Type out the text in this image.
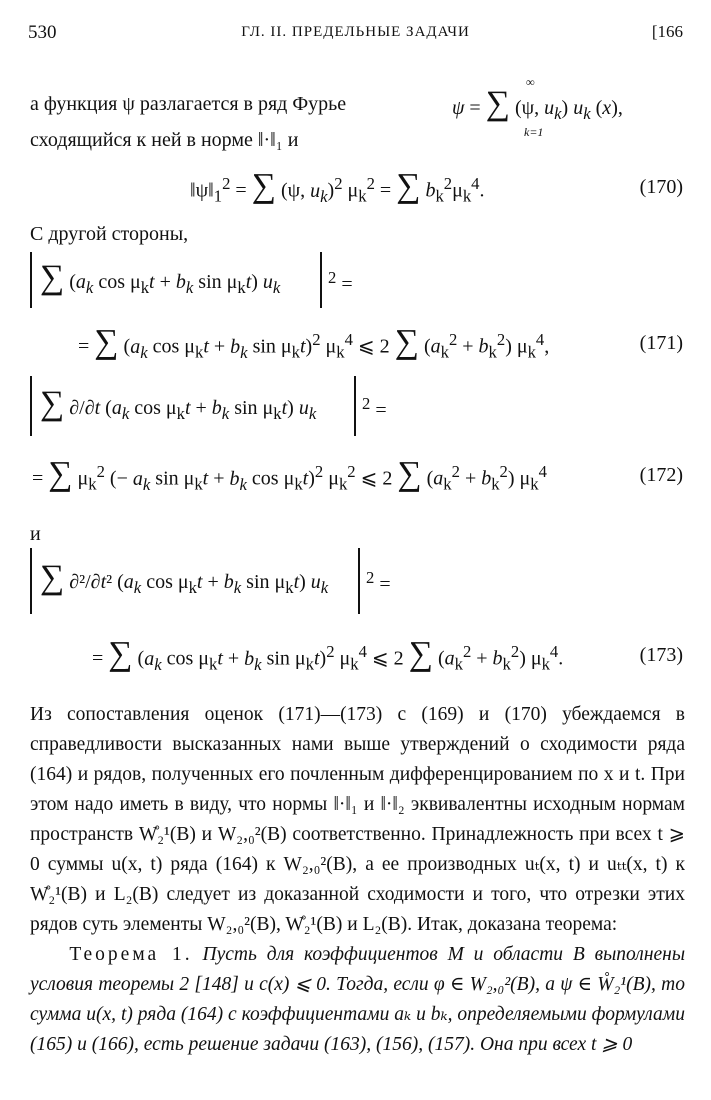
530	ГЛ. II. ПРЕДЕЛЬНЫЕ ЗАДАЧИ	[166
а функция ψ разлагается в ряд Фурье	ψ = ∑ (ψ, $u_k$) $u_k$ (x),
∞
k=1
сходящийся к ней в норме ‖·‖₁ и
$‖\psi‖_1^2$ = ∑ (ψ, $u_k)^2$ $\mu_k^2$ = ∑ $b_k^2\mu_k^4$.	(170)
С другой стороны,
∑ ($a_k$ $\cos \mu_kt + b_k$ $\sin \mu_kt$) $u_k$
$^2$ =
= ∑ ($a_k$ $\cos \mu_kt + b_k$ $\sin \mu_kt)^2$ $\mu_k^4$ ⩽ 2 ∑ $(a_k^2 + b_k^2)$ $\mu_k^4$,	(171)
∑ ∂/∂t ($a_k$ $\cos \mu_kt + b_k$ $\sin \mu_kt$) $u_k$
$^2$ =
= ∑ $\mu_k^2$ (− $a_k$ $\sin \mu_kt + b_k$ $\cos \mu_kt)^2$ $\mu_k^2$ ⩽ 2 ∑ $(a_k^2 + b_k^2)$ $\mu_k^4$	(172)
и
∑ ∂²/∂t² ($a_k$ $\cos \mu_kt + b_k$ $\sin \mu_kt$) $u_k$
$^2$ =
= ∑ ($a_k$ $\cos \mu_kt + b_k$ $\sin \mu_kt)^2$ $\mu_k^4$ ⩽ 2 ∑ $(a_k^2 + b_k^2)$ $\mu_k^4$.	(173)

Из сопоставления оценок (171)—(173) с (169) и (170) убеждаемся в справедливости высказанных нами выше утверждений о сходимости ряда (164) и рядов, полученных его почленным дифференцированием по x и t. При этом надо иметь в виду, что нормы ‖·‖₁ и ‖·‖₂ эквивалентны исходным нормам пространств W̊₂¹(B) и W₂,₀²(B) соответственно. Принадлежность при всех t ⩾ 0 суммы u(x, t) ряда (164) к W₂,₀²(B), а ее производных uₜ(x, t) и uₜₜ(x, t) к W̊₂¹(B) и L₂(B) следует из доказанной сходимости и того, что отрезки этих рядов суть элементы W₂,₀²(B), W̊₂¹(B) и L₂(B). Итак, доказана теорема:

Теорема 1. Пусть для коэффициентов M и области B выполнены условия теоремы 2 [148] и c(x) ⩽ 0. Тогда, если φ ∈ W₂,₀²(B), а ψ ∈ W̊₂¹(B), то сумма u(x, t) ряда (164) с коэффициентами aₖ и bₖ, определяемыми формулами (165) и (166), есть решение задачи (163), (156), (157). Она при всех t ⩾ 0
